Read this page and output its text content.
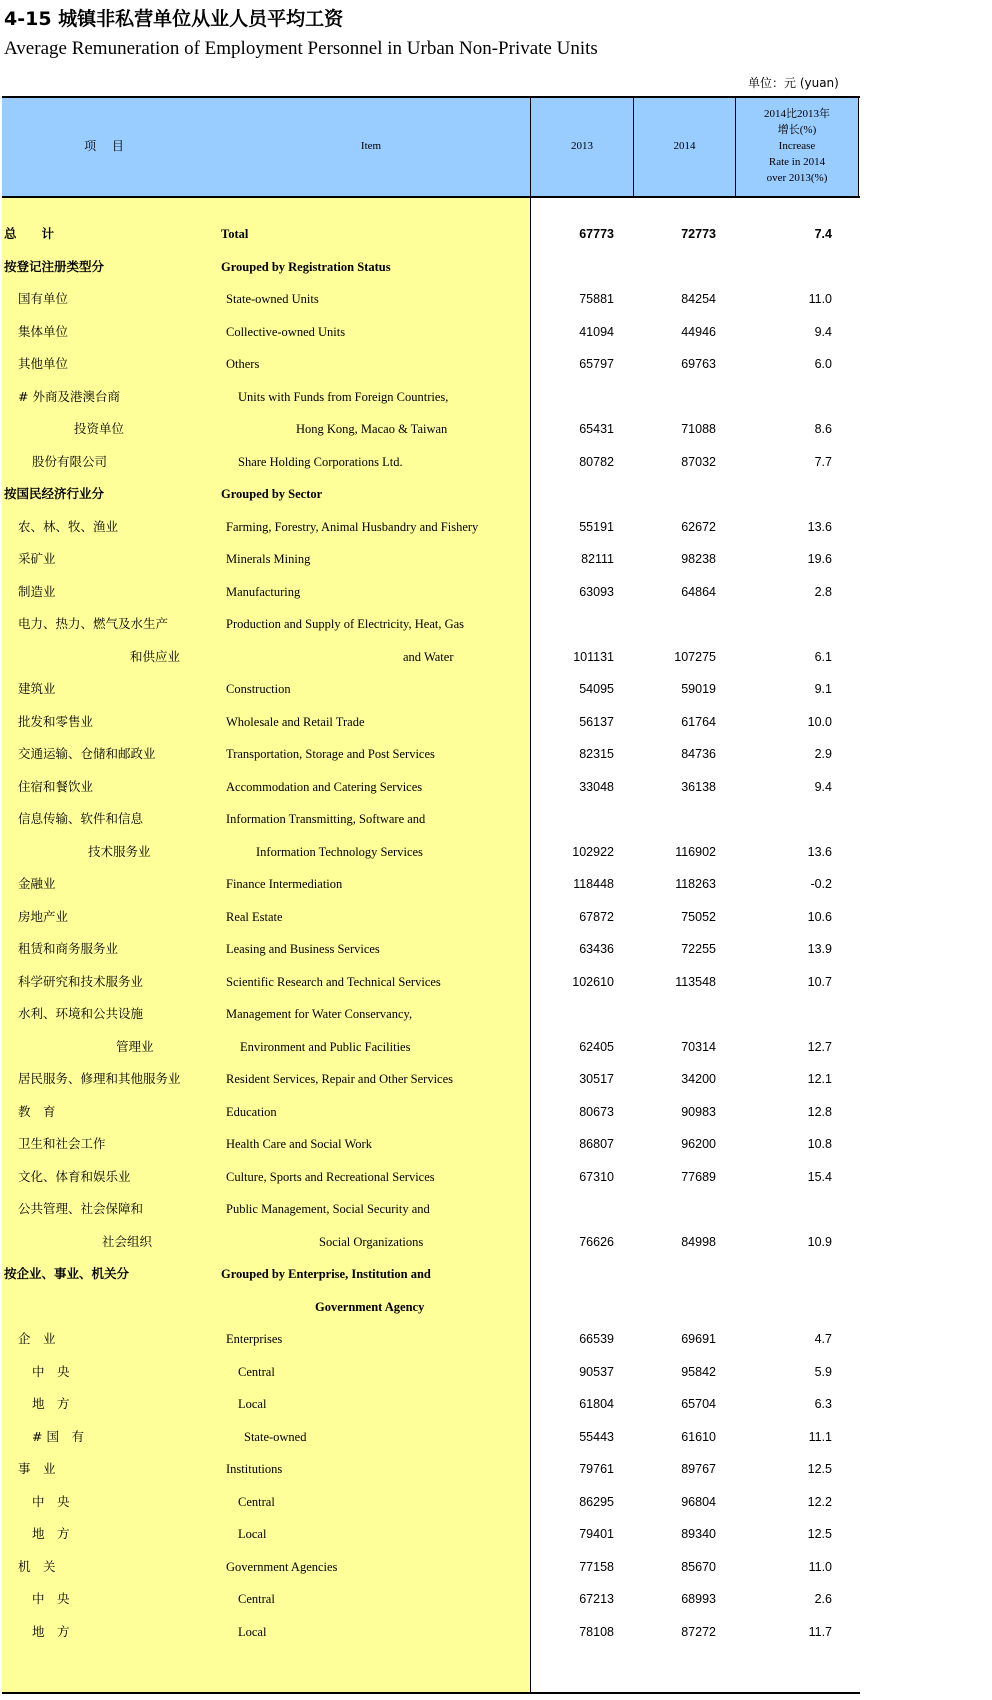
4-15 城镇非私营单位从业人员平均工资
Average Remuneration of Employment Personnel in Urban Non-Private Units
单位：元 (yuan)
项 目	Item	2013	2014
2014比2013年
增长(%)
Increase
Rate in 2014
over 2013(%)
总　　计	Total	67773	72773	7.4
按登记注册类型分	Grouped by Registration Status
国有单位	State-owned Units	75881	84254	11.0
集体单位	Collective-owned Units	41094	44946	9.4
其他单位	Others	65797	69763	6.0
# 外商及港澳台商	Units with Funds from Foreign Countries,
投资单位	Hong Kong, Macao & Taiwan	65431	71088	8.6
股份有限公司	Share Holding Corporations Ltd.	80782	87032	7.7
按国民经济行业分	Grouped by Sector
农、林、牧、渔业	Farming, Forestry, Animal Husbandry and Fishery	55191	62672	13.6
采矿业	Minerals Mining	82111	98238	19.6
制造业	Manufacturing	63093	64864	2.8
电力、热力、燃气及水生产	Production and Supply of Electricity, Heat, Gas
和供应业	and Water	101131	107275	6.1
建筑业	Construction	54095	59019	9.1
批发和零售业	Wholesale and Retail Trade	56137	61764	10.0
交通运输、仓储和邮政业	Transportation, Storage and Post Services	82315	84736	2.9
住宿和餐饮业	Accommodation and Catering Services	33048	36138	9.4
信息传输、软件和信息	Information Transmitting, Software and
技术服务业	Information Technology Services	102922	116902	13.6
金融业	Finance Intermediation	118448	118263	-0.2
房地产业	Real Estate	67872	75052	10.6
租赁和商务服务业	Leasing and Business Services	63436	72255	13.9
科学研究和技术服务业	Scientific Research and Technical Services	102610	113548	10.7
水利、环境和公共设施	Management for Water Conservancy,
管理业	Environment and Public Facilities	62405	70314	12.7
居民服务、修理和其他服务业	Resident Services, Repair and Other Services	30517	34200	12.1
教　育	Education	80673	90983	12.8
卫生和社会工作	Health Care and Social Work	86807	96200	10.8
文化、体育和娱乐业	Culture, Sports and Recreational Services	67310	77689	15.4
公共管理、社会保障和	Public Management, Social Security and
社会组织	Social Organizations	76626	84998	10.9
按企业、事业、机关分	Grouped by Enterprise, Institution and
Government Agency
企　业	Enterprises	66539	69691	4.7
中　央	Central	90537	95842	5.9
地　方	Local	61804	65704	6.3
# 国　有	State-owned	55443	61610	11.1
事　业	Institutions	79761	89767	12.5
中　央	Central	86295	96804	12.2
地　方	Local	79401	89340	12.5
机　关	Government Agencies	77158	85670	11.0
中　央	Central	67213	68993	2.6
地　方	Local	78108	87272	11.7
